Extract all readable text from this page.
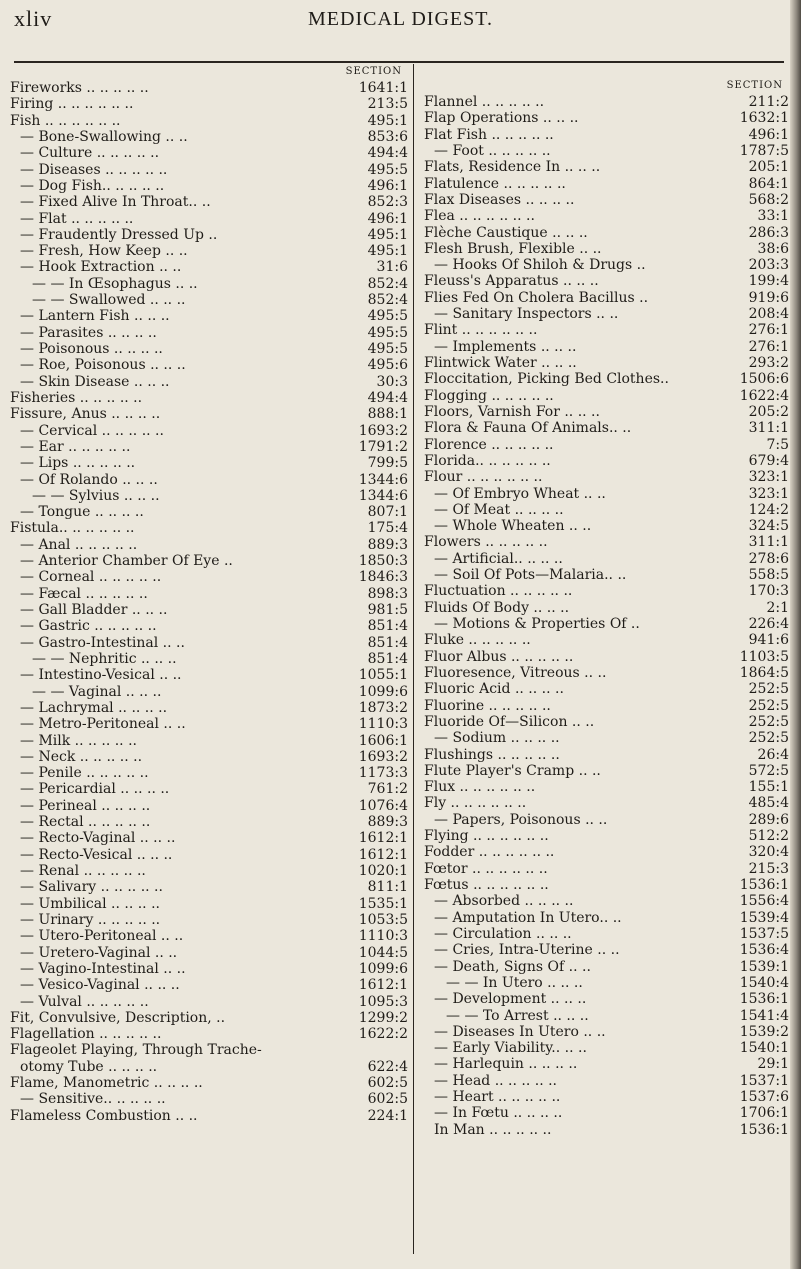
xliv	MEDICAL DIGEST.
SECTION
Fireworks .. .. .. .. ..	1641:1
Firing .. .. .. .. .. ..	213:5
Fish .. .. .. .. .. ..	495:1
— Bone-Swallowing .. ..	853:6
— Culture .. .. .. .. ..	494:4
— Diseases .. .. .. .. ..	495:5
— Dog Fish.. .. .. .. ..	496:1
— Fixed Alive In Throat.. ..	852:3
— Flat .. .. .. .. ..	496:1
— Fraudently Dressed Up ..	495:1
— Fresh, How Keep .. ..	495:1
— Hook Extraction .. ..	31:6
— — In Œsophagus .. ..	852:4
— — Swallowed .. .. ..	852:4
— Lantern Fish .. .. ..	495:5
— Parasites .. .. .. ..	495:5
— Poisonous .. .. .. ..	495:5
— Roe, Poisonous .. .. ..	495:6
— Skin Disease .. .. ..	30:3
Fisheries .. .. .. .. ..	494:4
Fissure, Anus .. .. .. ..	888:1
— Cervical .. .. .. .. ..	1693:2
— Ear .. .. .. .. ..	1791:2
— Lips .. .. .. .. ..	799:5
— Of Rolando .. .. ..	1344:6
— — Sylvius .. .. ..	1344:6
— Tongue .. .. .. ..	807:1
Fistula.. .. .. .. .. ..	175:4
— Anal .. .. .. .. ..	889:3
— Anterior Chamber Of Eye ..	1850:3
— Corneal .. .. .. .. ..	1846:3
— Fæcal .. .. .. .. ..	898:3
— Gall Bladder .. .. ..	981:5
— Gastric .. .. .. .. ..	851:4
— Gastro-Intestinal .. ..	851:4
— — Nephritic .. .. ..	851:4
— Intestino-Vesical .. ..	1055:1
— — Vaginal .. .. ..	1099:6
— Lachrymal .. .. .. ..	1873:2
— Metro-Peritoneal .. ..	1110:3
— Milk .. .. .. .. ..	1606:1
— Neck .. .. .. .. ..	1693:2
— Penile .. .. .. .. ..	1173:3
— Pericardial .. .. .. ..	761:2
— Perineal .. .. .. ..	1076:4
— Rectal .. .. .. .. ..	889:3
— Recto-Vaginal .. .. ..	1612:1
— Recto-Vesical .. .. ..	1612:1
— Renal .. .. .. .. ..	1020:1
— Salivary .. .. .. .. ..	811:1
— Umbilical .. .. .. ..	1535:1
— Urinary .. .. .. .. ..	1053:5
— Utero-Peritoneal .. ..	1110:3
— Uretero-Vaginal .. ..	1044:5
— Vagino-Intestinal .. ..	1099:6
— Vesico-Vaginal .. .. ..	1612:1
— Vulval .. .. .. .. ..	1095:3
Fit, Convulsive, Description, ..	1299:2
Flagellation .. .. .. .. ..	1622:2
Flageolet Playing, Through Trache-
otomy Tube .. .. .. ..	622:4
Flame, Manometric .. .. .. ..	602:5
— Sensitive.. .. .. .. ..	602:5
Flameless Combustion .. ..	224:1
SECTION
Flannel .. .. .. .. ..	211:2
Flap Operations .. .. ..	1632:1
Flat Fish .. .. .. .. ..	496:1
— Foot .. .. .. .. ..	1787:5
Flats, Residence In .. .. ..	205:1
Flatulence .. .. .. .. ..	864:1
Flax Diseases .. .. .. ..	568:2
Flea .. .. .. .. .. ..	33:1
Flèche Caustique .. .. ..	286:3
Flesh Brush, Flexible .. ..	38:6
— Hooks Of Shiloh & Drugs ..	203:3
Fleuss's Apparatus .. .. ..	199:4
Flies Fed On Cholera Bacillus ..	919:6
— Sanitary Inspectors .. ..	208:4
Flint .. .. .. .. .. ..	276:1
— Implements .. .. ..	276:1
Flintwick Water .. .. ..	293:2
Floccitation, Picking Bed Clothes..	1506:6
Flogging .. .. .. .. ..	1622:4
Floors, Varnish For .. .. ..	205:2
Flora & Fauna Of Animals.. ..	311:1
Florence .. .. .. .. ..	7:5
Florida.. .. .. .. .. ..	679:4
Flour .. .. .. .. .. ..	323:1
— Of Embryo Wheat .. ..	323:1
— Of Meat .. .. .. ..	124:2
— Whole Wheaten .. ..	324:5
Flowers .. .. .. .. ..	311:1
— Artificial.. .. .. ..	278:6
— Soil Of Pots—Malaria.. ..	558:5
Fluctuation .. .. .. .. ..	170:3
Fluids Of Body .. .. ..	2:1
— Motions & Properties Of ..	226:4
Fluke .. .. .. .. ..	941:6
Fluor Albus .. .. .. .. ..	1103:5
Fluoresence, Vitreous .. ..	1864:5
Fluoric Acid .. .. .. ..	252:5
Fluorine .. .. .. .. ..	252:5
Fluoride Of—Silicon .. ..	252:5
— Sodium .. .. .. ..	252:5
Flushings .. .. .. .. ..	26:4
Flute Player's Cramp .. ..	572:5
Flux .. .. .. .. .. ..	155:1
Fly .. .. .. .. .. ..	485:4
— Papers, Poisonous .. ..	289:6
Flying .. .. .. .. .. ..	512:2
Fodder .. .. .. .. .. ..	320:4
Fœtor .. .. .. .. .. ..	215:3
Fœtus .. .. .. .. .. ..	1536:1
— Absorbed .. .. .. ..	1556:4
— Amputation In Utero.. ..	1539:4
— Circulation .. .. ..	1537:5
— Cries, Intra-Uterine .. ..	1536:4
— Death, Signs Of .. ..	1539:1
— — In Utero .. .. ..	1540:4
— Development .. .. ..	1536:1
— — To Arrest .. .. ..	1541:4
— Diseases In Utero .. ..	1539:2
— Early Viability.. .. ..	1540:1
— Harlequin .. .. .. ..	29:1
— Head .. .. .. .. ..	1537:1
— Heart .. .. .. .. ..	1537:6
— In Fœtu .. .. .. ..	1706:1
In Man .. .. .. .. ..	1536:1
